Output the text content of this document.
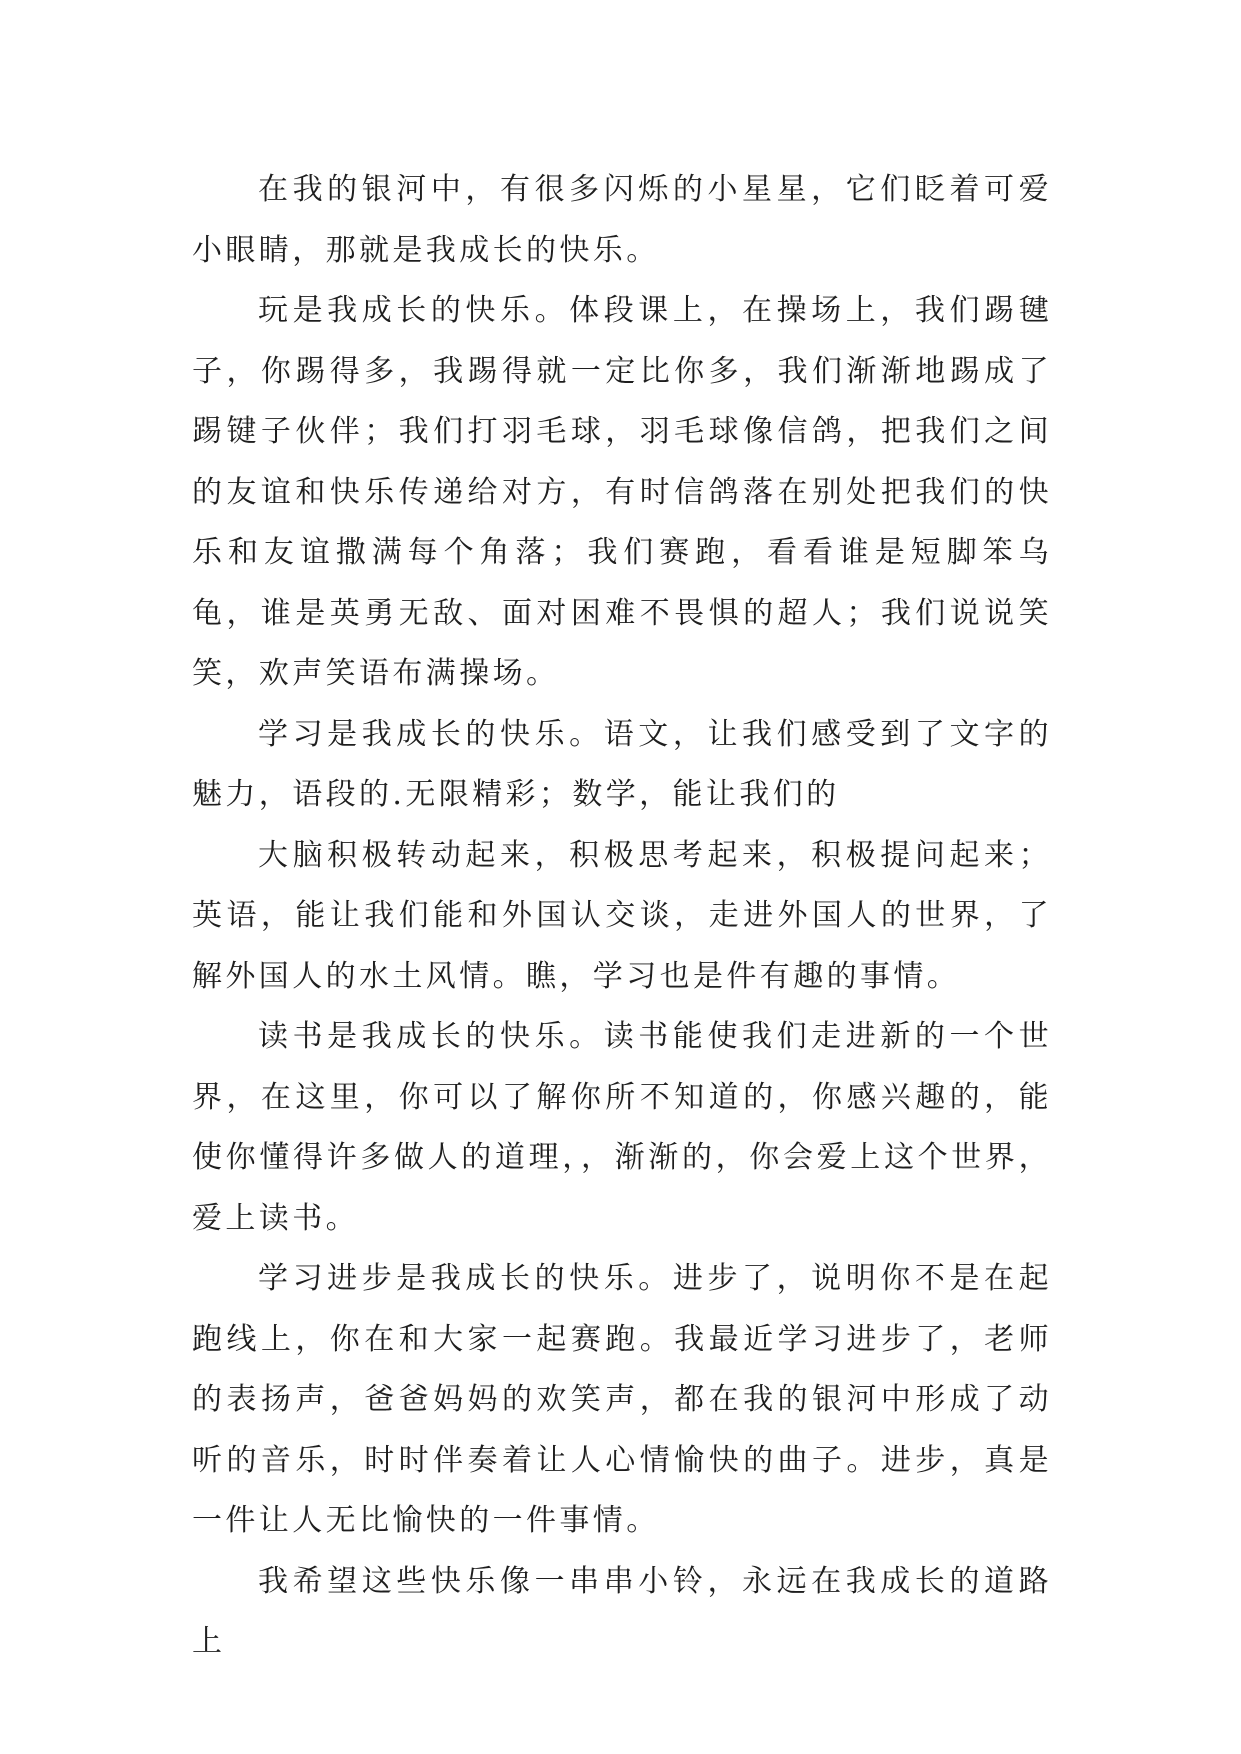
在我的银河中，有很多闪烁的小星星，它们眨着可爱小眼睛，那就是我成长的快乐。

玩是我成长的快乐。体段课上，在操场上，我们踢毽子，你踢得多，我踢得就一定比你多，我们渐渐地踢成了踢键子伙伴；我们打羽毛球，羽毛球像信鸽，把我们之间的友谊和快乐传递给对方，有时信鸽落在别处把我们的快乐和友谊撒满每个角落；我们赛跑，看看谁是短脚笨乌龟，谁是英勇无敌、面对困难不畏惧的超人；我们说说笑笑，欢声笑语布满操场。

学习是我成长的快乐。语文，让我们感受到了文字的魅力，语段的.无限精彩；数学，能让我们的

大脑积极转动起来，积极思考起来，积极提问起来；英语，能让我们能和外国认交谈，走进外国人的世界，了解外国人的水土风情。瞧，学习也是件有趣的事情。

读书是我成长的快乐。读书能使我们走进新的一个世界，在这里，你可以了解你所不知道的，你感兴趣的，能使你懂得许多做人的道理，，渐渐的，你会爱上这个世界，爱上读书。

学习进步是我成长的快乐。进步了，说明你不是在起跑线上，你在和大家一起赛跑。我最近学习进步了，老师的表扬声，爸爸妈妈的欢笑声，都在我的银河中形成了动听的音乐，时时伴奏着让人心情愉快的曲子。进步，真是一件让人无比愉快的一件事情。

我希望这些快乐像一串串小铃，永远在我成长的道路上
